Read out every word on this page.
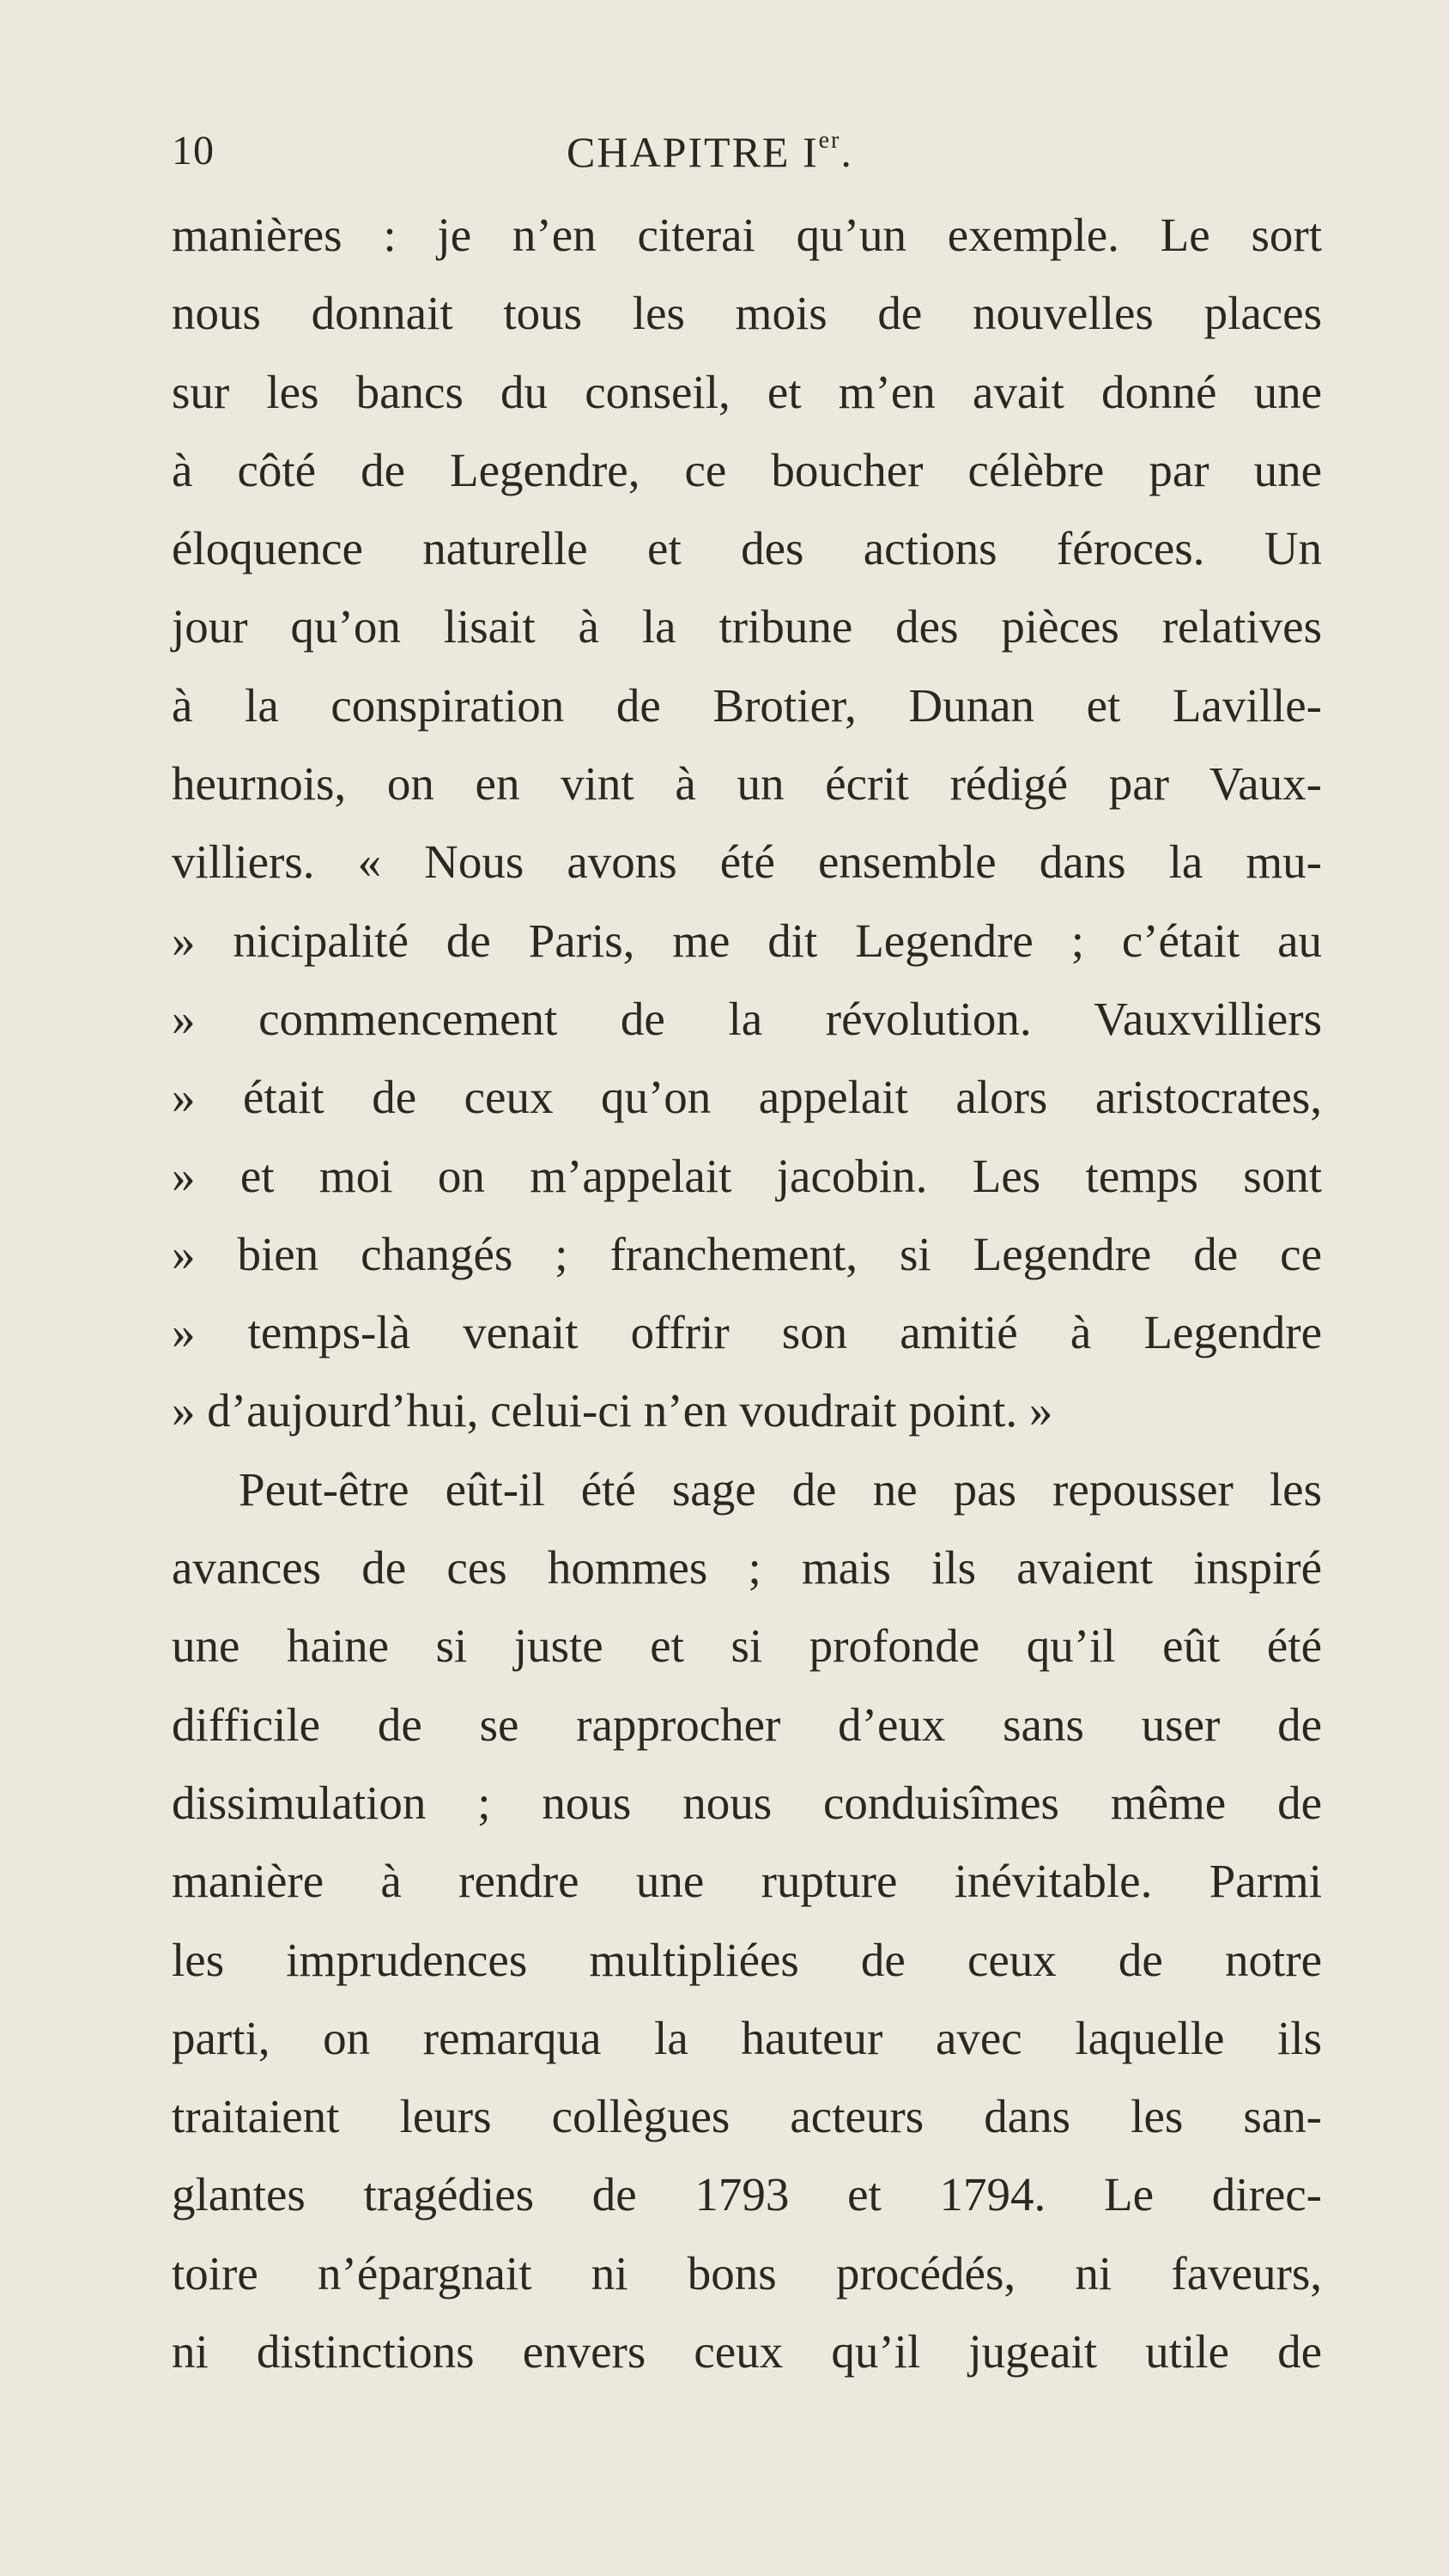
10	CHAPITRE Ier.
manières : je n’en citerai qu’un exemple. Le sort
nous donnait tous les mois de nouvelles places
sur les bancs du conseil, et m’en avait donné une
à côté de Legendre, ce boucher célèbre par une
éloquence naturelle et des actions féroces. Un
jour qu’on lisait à la tribune des pièces relatives
à la conspiration de Brotier, Dunan et Laville-
heurnois, on en vint à un écrit rédigé par Vaux-
villiers. « Nous avons été ensemble dans la mu-
» nicipalité de Paris, me dit Legendre ; c’était au
» commencement de la révolution. Vauxvilliers
» était de ceux qu’on appelait alors aristocrates,
» et moi on m’appelait jacobin. Les temps sont
» bien changés ; franchement, si Legendre de ce
» temps-là venait offrir son amitié à Legendre
» d’aujourd’hui, celui-ci n’en voudrait point. »
Peut-être eût-il été sage de ne pas repousser les
avances de ces hommes ; mais ils avaient inspiré
une haine si juste et si profonde qu’il eût été
difficile de se rapprocher d’eux sans user de
dissimulation ; nous nous conduisîmes même de
manière à rendre une rupture inévitable. Parmi
les imprudences multipliées de ceux de notre
parti, on remarqua la hauteur avec laquelle ils
traitaient leurs collègues acteurs dans les san-
glantes tragédies de 1793 et 1794. Le direc-
toire n’épargnait ni bons procédés, ni faveurs,
ni distinctions envers ceux qu’il jugeait utile de
